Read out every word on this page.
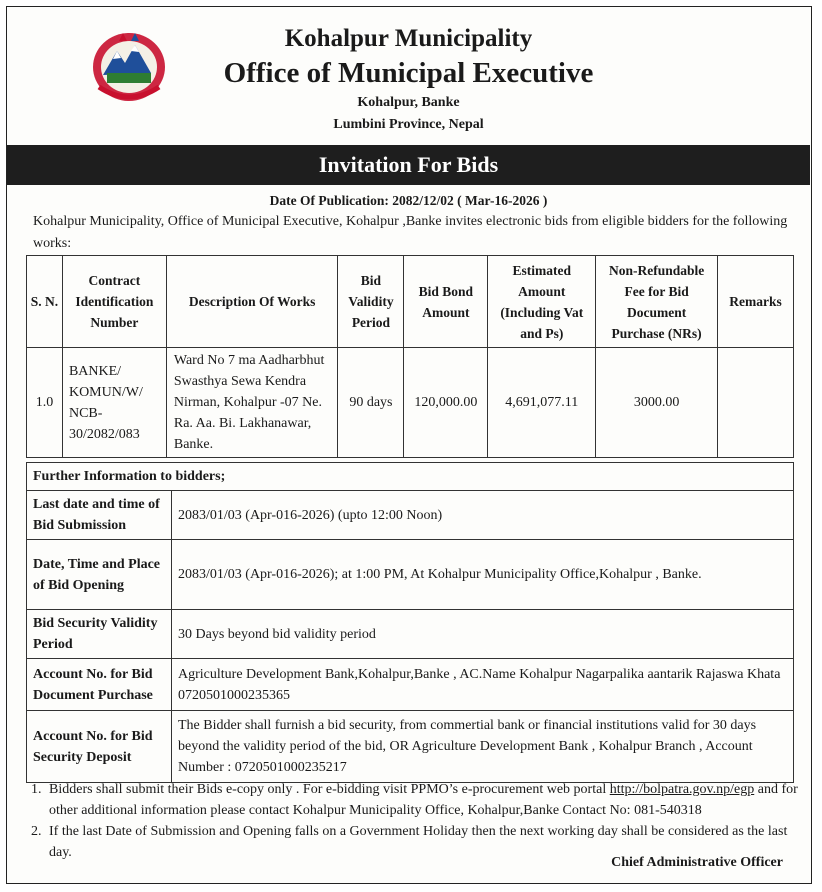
Kohalpur Municipality
Office of Municipal Executive
Kohalpur, Banke
Lumbini Province, Nepal
Invitation For Bids
Date Of Publication: 2082/12/02 ( Mar-16-2026 )
Kohalpur Municipality, Office of Municipal Executive, Kohalpur ,Banke invites electronic bids from eligible bidders for the following works:
S. N.	Contract Identification Number	Description Of Works	Bid Validity Period	Bid Bond Amount	Estimated Amount (Including Vat and Ps)	Non-Refundable Fee for Bid Document Purchase (NRs)	Remarks
1.0	BANKE/ KOMUN/W/ NCB- 30/2082/083	Ward No 7 ma Aadharbhut Swasthya Sewa Kendra Nirman, Kohalpur -07 Ne. Ra. Aa. Bi. Lakhanawar, Banke.	90 days	120,000.00	4,691,077.11	3000.00	
Further Information to bidders;	
Last date and time of Bid Submission	2083/01/03 (Apr-016-2026) (upto 12:00 Noon)
Date, Time and Place of Bid Opening	2083/01/03 (Apr-016-2026); at 1:00 PM, At Kohalpur Municipality Office,Kohalpur , Banke.
Bid Security Validity Period	30 Days beyond bid validity period
Account No. for Bid Document Purchase	Agriculture Development Bank,Kohalpur,Banke , AC.Name Kohalpur Nagarpalika aantarik Rajaswa Khata 0720501000235365
Account No. for Bid Security Deposit	The Bidder shall furnish a bid security, from commertial bank or financial institutions valid for 30 days beyond the validity period of the bid, OR Agriculture Development Bank , Kohalpur Branch , Account Number : 0720501000235217
1. Bidders shall submit their Bids e-copy only . For e-bidding visit PPMO’s e-procurement web portal http://bolpatra.gov.np/egp and for other additional information please contact Kohalpur Municipality Office, Kohalpur,Banke Contact No: 081-540318
2. If the last Date of Submission and Opening falls on a Government Holiday then the next working day shall be considered as the last day.
Chief Administrative Officer
